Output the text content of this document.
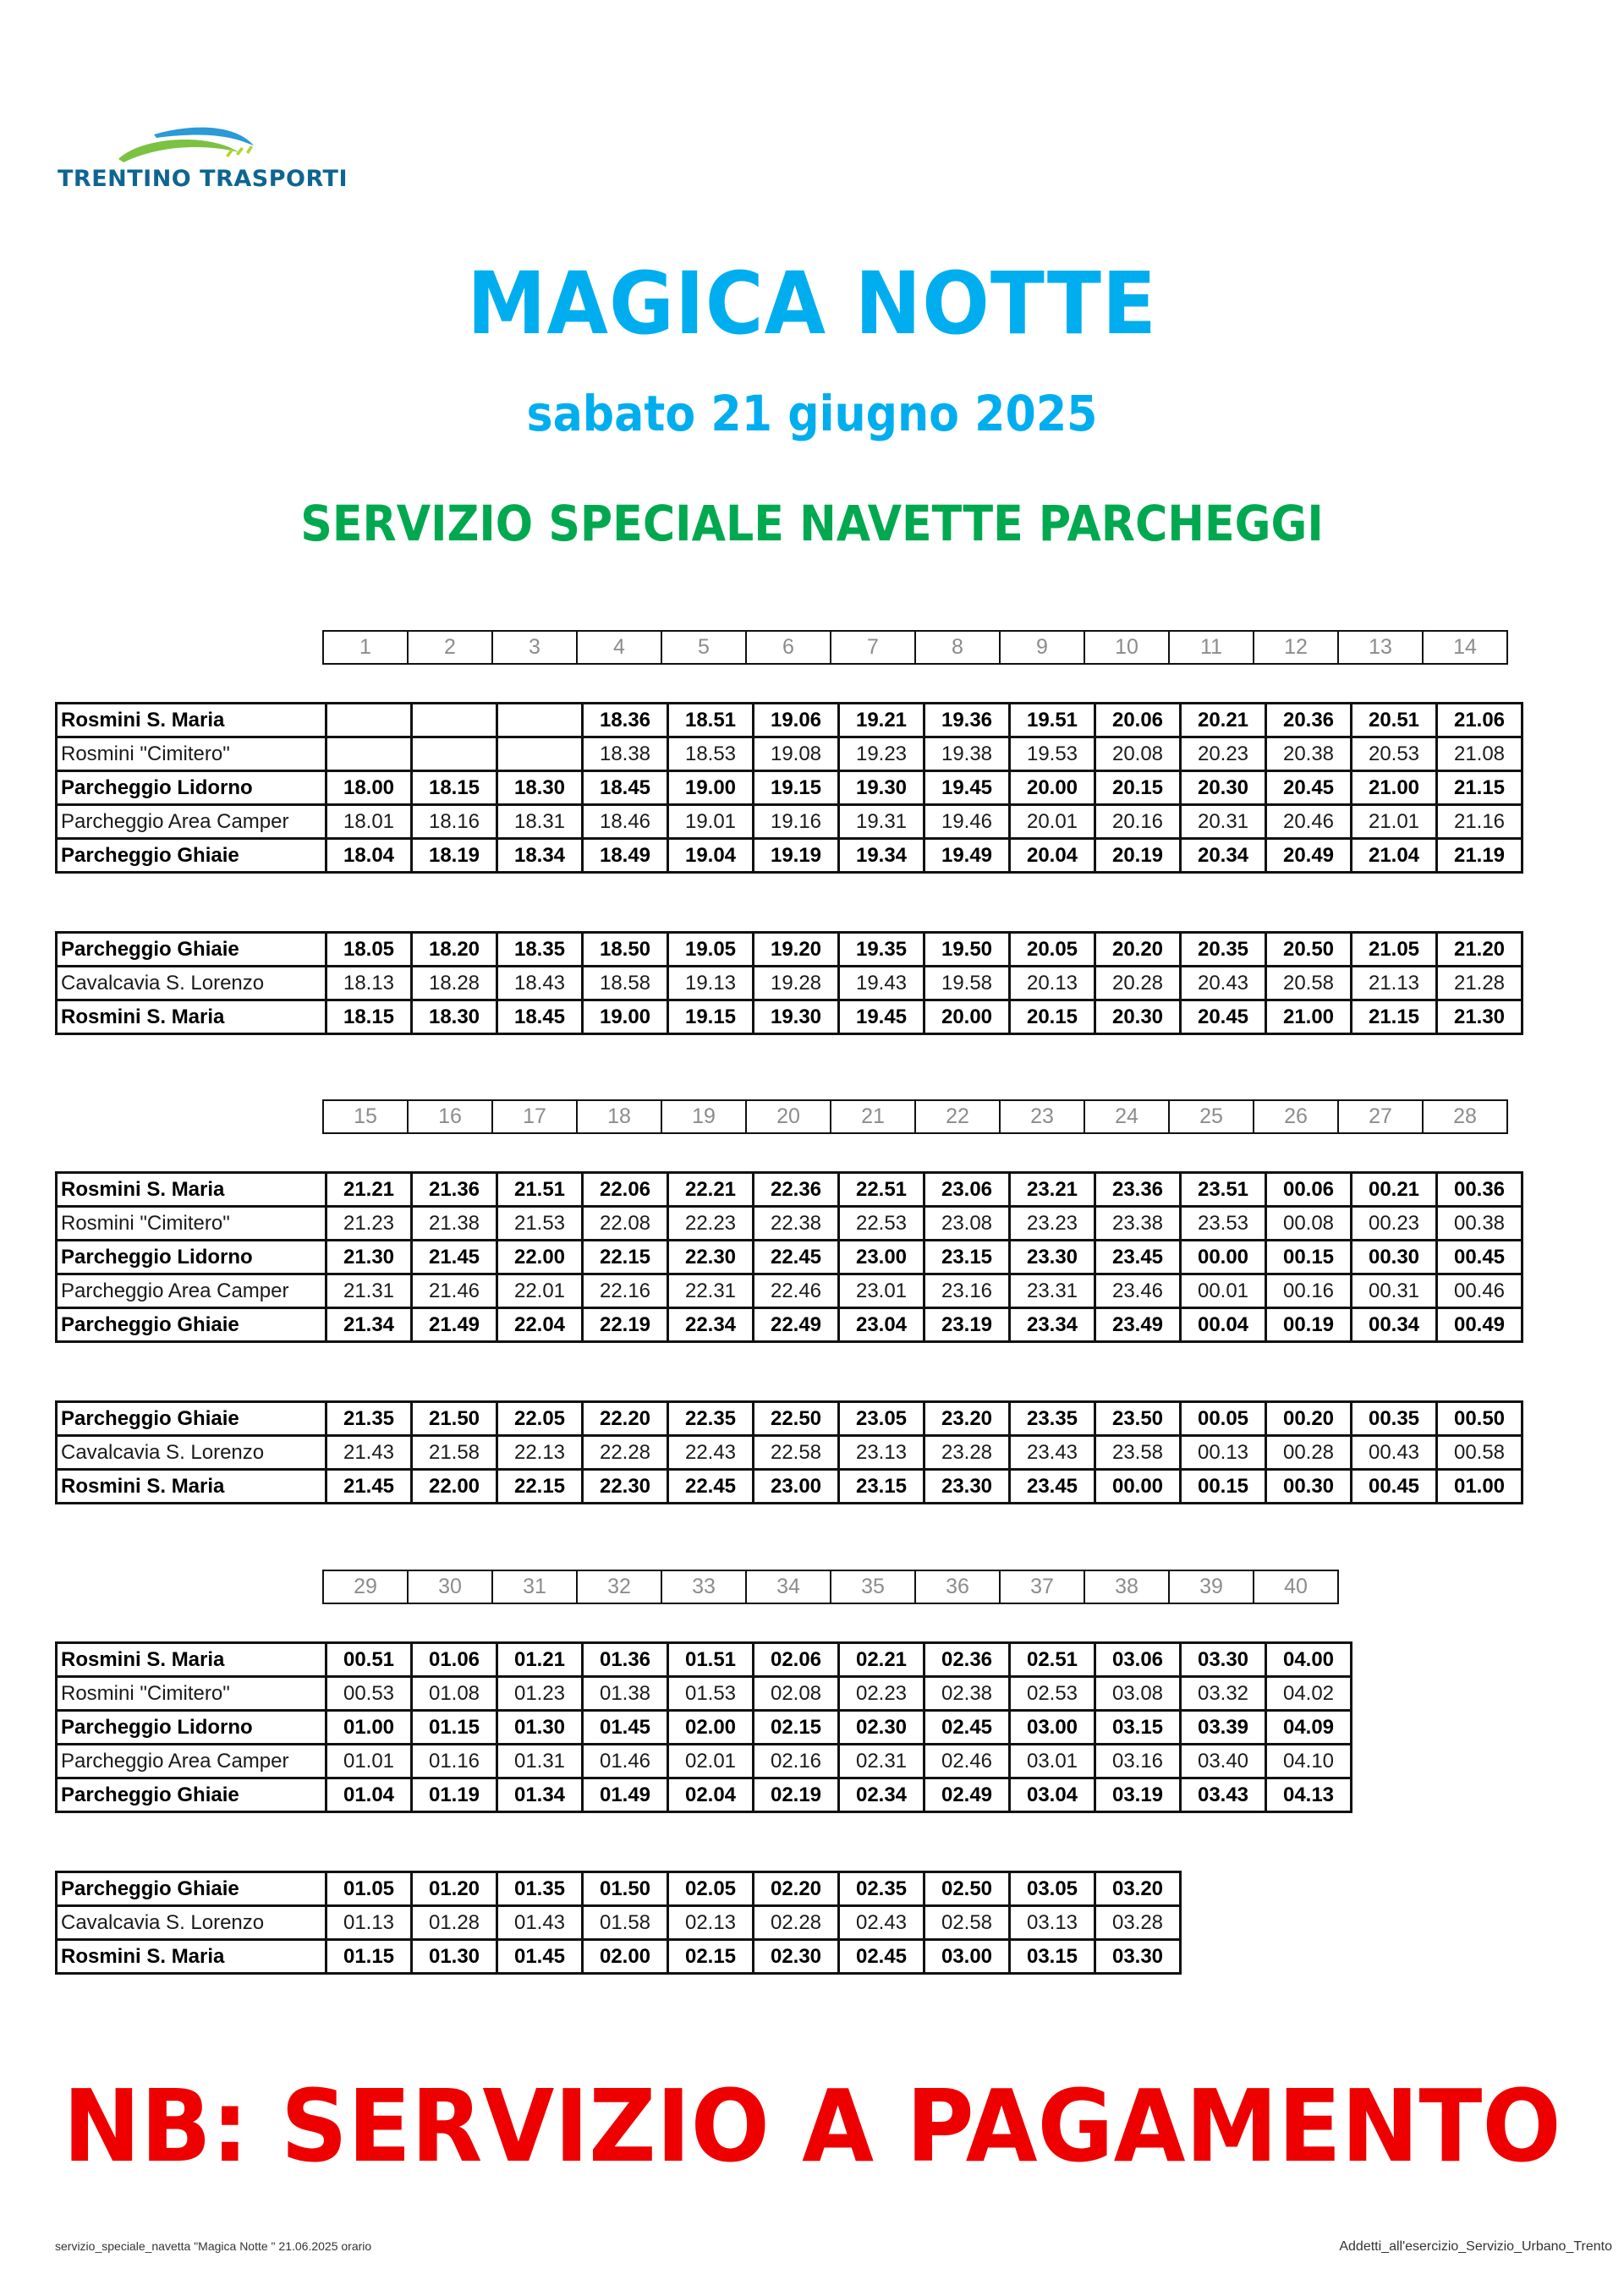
TRENTINO TRASPORTI
MAGICA NOTTE
sabato 21 giugno 2025
SERVIZIO SPECIALE NAVETTE PARCHEGGI
1	2	3	4	5	6	7	8	9	10	11	12	13	14
Rosmini S. Maria				18.36	18.51	19.06	19.21	19.36	19.51	20.06	20.21	20.36	20.51	21.06
Rosmini "Cimitero"				18.38	18.53	19.08	19.23	19.38	19.53	20.08	20.23	20.38	20.53	21.08
Parcheggio Lidorno	18.00	18.15	18.30	18.45	19.00	19.15	19.30	19.45	20.00	20.15	20.30	20.45	21.00	21.15
Parcheggio Area Camper	18.01	18.16	18.31	18.46	19.01	19.16	19.31	19.46	20.01	20.16	20.31	20.46	21.01	21.16
Parcheggio Ghiaie	18.04	18.19	18.34	18.49	19.04	19.19	19.34	19.49	20.04	20.19	20.34	20.49	21.04	21.19
Parcheggio Ghiaie	18.05	18.20	18.35	18.50	19.05	19.20	19.35	19.50	20.05	20.20	20.35	20.50	21.05	21.20
Cavalcavia S. Lorenzo	18.13	18.28	18.43	18.58	19.13	19.28	19.43	19.58	20.13	20.28	20.43	20.58	21.13	21.28
Rosmini S. Maria	18.15	18.30	18.45	19.00	19.15	19.30	19.45	20.00	20.15	20.30	20.45	21.00	21.15	21.30
15	16	17	18	19	20	21	22	23	24	25	26	27	28
Rosmini S. Maria	21.21	21.36	21.51	22.06	22.21	22.36	22.51	23.06	23.21	23.36	23.51	00.06	00.21	00.36
Rosmini "Cimitero"	21.23	21.38	21.53	22.08	22.23	22.38	22.53	23.08	23.23	23.38	23.53	00.08	00.23	00.38
Parcheggio Lidorno	21.30	21.45	22.00	22.15	22.30	22.45	23.00	23.15	23.30	23.45	00.00	00.15	00.30	00.45
Parcheggio Area Camper	21.31	21.46	22.01	22.16	22.31	22.46	23.01	23.16	23.31	23.46	00.01	00.16	00.31	00.46
Parcheggio Ghiaie	21.34	21.49	22.04	22.19	22.34	22.49	23.04	23.19	23.34	23.49	00.04	00.19	00.34	00.49
Parcheggio Ghiaie	21.35	21.50	22.05	22.20	22.35	22.50	23.05	23.20	23.35	23.50	00.05	00.20	00.35	00.50
Cavalcavia S. Lorenzo	21.43	21.58	22.13	22.28	22.43	22.58	23.13	23.28	23.43	23.58	00.13	00.28	00.43	00.58
Rosmini S. Maria	21.45	22.00	22.15	22.30	22.45	23.00	23.15	23.30	23.45	00.00	00.15	00.30	00.45	01.00
29	30	31	32	33	34	35	36	37	38	39	40
Rosmini S. Maria	00.51	01.06	01.21	01.36	01.51	02.06	02.21	02.36	02.51	03.06	03.30	04.00
Rosmini "Cimitero"	00.53	01.08	01.23	01.38	01.53	02.08	02.23	02.38	02.53	03.08	03.32	04.02
Parcheggio Lidorno	01.00	01.15	01.30	01.45	02.00	02.15	02.30	02.45	03.00	03.15	03.39	04.09
Parcheggio Area Camper	01.01	01.16	01.31	01.46	02.01	02.16	02.31	02.46	03.01	03.16	03.40	04.10
Parcheggio Ghiaie	01.04	01.19	01.34	01.49	02.04	02.19	02.34	02.49	03.04	03.19	03.43	04.13
Parcheggio Ghiaie	01.05	01.20	01.35	01.50	02.05	02.20	02.35	02.50	03.05	03.20
Cavalcavia S. Lorenzo	01.13	01.28	01.43	01.58	02.13	02.28	02.43	02.58	03.13	03.28
Rosmini S. Maria	01.15	01.30	01.45	02.00	02.15	02.30	02.45	03.00	03.15	03.30
NB: SERVIZIO A PAGAMENTO
servizio_speciale_navetta "Magica Notte " 21.06.2025 orario	Addetti_all'esercizio_Servizio_Urbano_Trento
